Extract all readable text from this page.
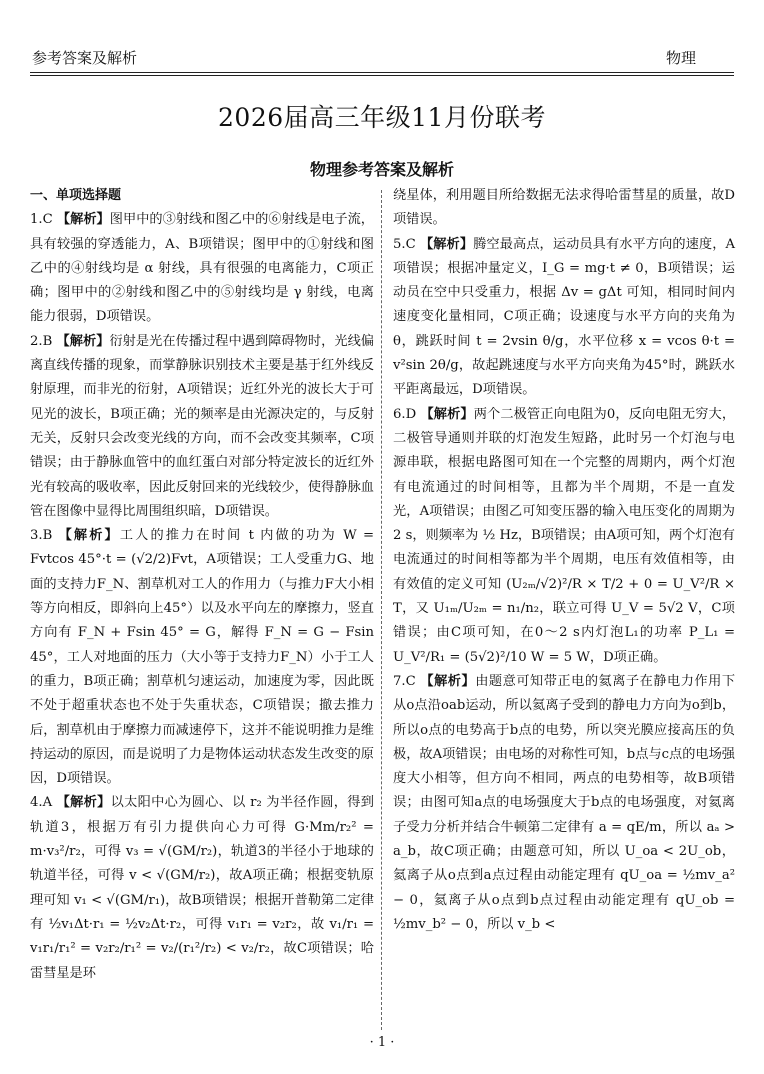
参考答案及解析	物理
2026届高三年级11月份联考
物理参考答案及解析
一、单项选择题

1.C 【解析】图甲中的③射线和图乙中的⑥射线是电子流，具有较强的穿透能力，A、B项错误；图甲中的①射线和图乙中的④射线均是 α 射线，具有很强的电离能力，C项正确；图甲中的②射线和图乙中的⑤射线均是 γ 射线，电离能力很弱，D项错误。

2.B 【解析】衍射是光在传播过程中遇到障碍物时，光线偏离直线传播的现象，而掌静脉识别技术主要是基于红外线反射原理，而非光的衍射，A项错误；近红外光的波长大于可见光的波长，B项正确；光的频率是由光源决定的，与反射无关，反射只会改变光线的方向，而不会改变其频率，C项错误；由于静脉血管中的血红蛋白对部分特定波长的近红外光有较高的吸收率，因此反射回来的光线较少，使得静脉血管在图像中显得比周围组织暗，D项错误。

3.B 【解析】工人的推力在时间 t 内做的功为 W = Fvtcos 45°·t = (√2/2)Fvt，A项错误；工人受重力G、地面的支持力F_N、割草机对工人的作用力（与推力F大小相等方向相反，即斜向上45°）以及水平向左的摩擦力，竖直方向有 F_N + Fsin 45° = G，解得 F_N = G − Fsin 45°，工人对地面的压力（大小等于支持力F_N）小于工人的重力，B项正确；割草机匀速运动，加速度为零，因此既不处于超重状态也不处于失重状态，C项错误；撤去推力后，割草机由于摩擦力而减速停下，这并不能说明推力是维持运动的原因，而是说明了力是物体运动状态发生改变的原因，D项错误。

4.A 【解析】以太阳中心为圆心、以 r₂ 为半径作圆，得到轨道3，根据万有引力提供向心力可得 G·Mm/r₂² = m·v₃²/r₂，可得 v₃ = √(GM/r₂)，轨道3的半径小于地球的轨道半径，可得 v < √(GM/r₂)，故A项正确；根据变轨原理可知 v₁ < √(GM/r₁)，故B项错误；根据开普勒第二定律有 ½v₁Δt·r₁ = ½v₂Δt·r₂，可得 v₁r₁ = v₂r₂，故 v₁/r₁ = v₁r₁/r₁² = v₂r₂/r₁² = v₂/(r₁²/r₂) < v₂/r₂，故C项错误；哈雷彗星是环

绕星体，利用题目所给数据无法求得哈雷彗星的质量，故D项错误。

5.C 【解析】腾空最高点，运动员具有水平方向的速度，A项错误；根据冲量定义，I_G = mg·t ≠ 0，B项错误；运动员在空中只受重力，根据 Δv = gΔt 可知，相同时间内速度变化量相同，C项正确；设速度与水平方向的夹角为 θ，跳跃时间 t = 2vsin θ/g，水平位移 x = vcos θ·t = v²sin 2θ/g，故起跳速度与水平方向夹角为45°时，跳跃水平距离最远，D项错误。

6.D 【解析】两个二极管正向电阻为0，反向电阻无穷大，二极管导通则并联的灯泡发生短路，此时另一个灯泡与电源串联，根据电路图可知在一个完整的周期内，两个灯泡有电流通过的时间相等，且都为半个周期，不是一直发光，A项错误；由图乙可知变压器的输入电压变化的周期为2 s，则频率为 ½ Hz，B项错误；由A项可知，两个灯泡有电流通过的时间相等都为半个周期，电压有效值相等，由有效值的定义可知 (U₂ₘ/√2)²/R × T/2 + 0 = U_V²/R × T，又 U₁ₘ/U₂ₘ = n₁/n₂，联立可得 U_V = 5√2 V，C项错误；由C项可知，在0～2 s内灯泡L₁的功率 P_L₁ = U_V²/R₁ = (5√2)²/10 W = 5 W，D项正确。

7.C 【解析】由题意可知带正电的氦离子在静电力作用下从o点沿oab运动，所以氦离子受到的静电力方向为o到b，所以o点的电势高于b点的电势，所以突光膜应接高压的负极，故A项错误；由电场的对称性可知，b点与c点的电场强度大小相等，但方向不相同，两点的电势相等，故B项错误；由图可知a点的电场强度大于b点的电场强度，对氦离子受力分析并结合牛顿第二定律有 a = qE/m，所以 aₐ > a_b，故C项正确；由题意可知，所以 U_oa < 2U_ob，氦离子从o点到a点过程由动能定理有 qU_oa = ½mv_a² − 0，氦离子从o点到b点过程由动能定理有 qU_ob = ½mv_b² − 0，所以 v_b <

· 1 ·
